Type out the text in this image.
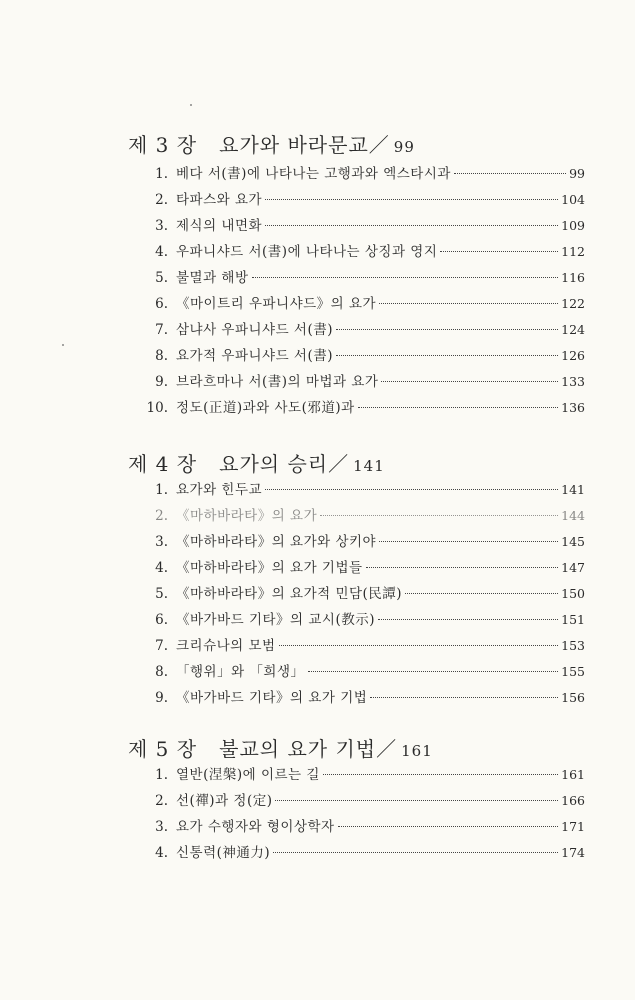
제 3 장 요가와 바라문교／ 99
1. 베다 서(書)에 나타나는 고행과와 엑스타시과	99
2. 타파스와 요가	104
3. 제식의 내면화	109
4. 우파니샤드 서(書)에 나타나는 상징과 영지	112
5. 불멸과 해방	116
6. 《마이트리 우파니샤드》의 요가	122
7. 삼냐사 우파니샤드 서(書)	124
8. 요가적 우파니샤드 서(書)	126
9. 브라흐마나 서(書)의 마법과 요가	133
10. 정도(正道)과와 사도(邪道)과	136
제 4 장 요가의 승리／ 141
1. 요가와 힌두교	141
2. 《마하바라타》의 요가	144
3. 《마하바라타》의 요가와 상키야	145
4. 《마하바라타》의 요가 기법들	147
5. 《마하바라타》의 요가적 민담(民譚)	150
6. 《바가바드 기타》의 교시(教示)	151
7. 크리슈나의 모범	153
8. 「행위」와 「희생」	155
9. 《바가바드 기타》의 요가 기법	156
제 5 장 불교의 요가 기법／ 161
1. 열반(涅槃)에 이르는 길	161
2. 선(禪)과 정(定)	166
3. 요가 수행자와 형이상학자	171
4. 신통력(神通力)	174
